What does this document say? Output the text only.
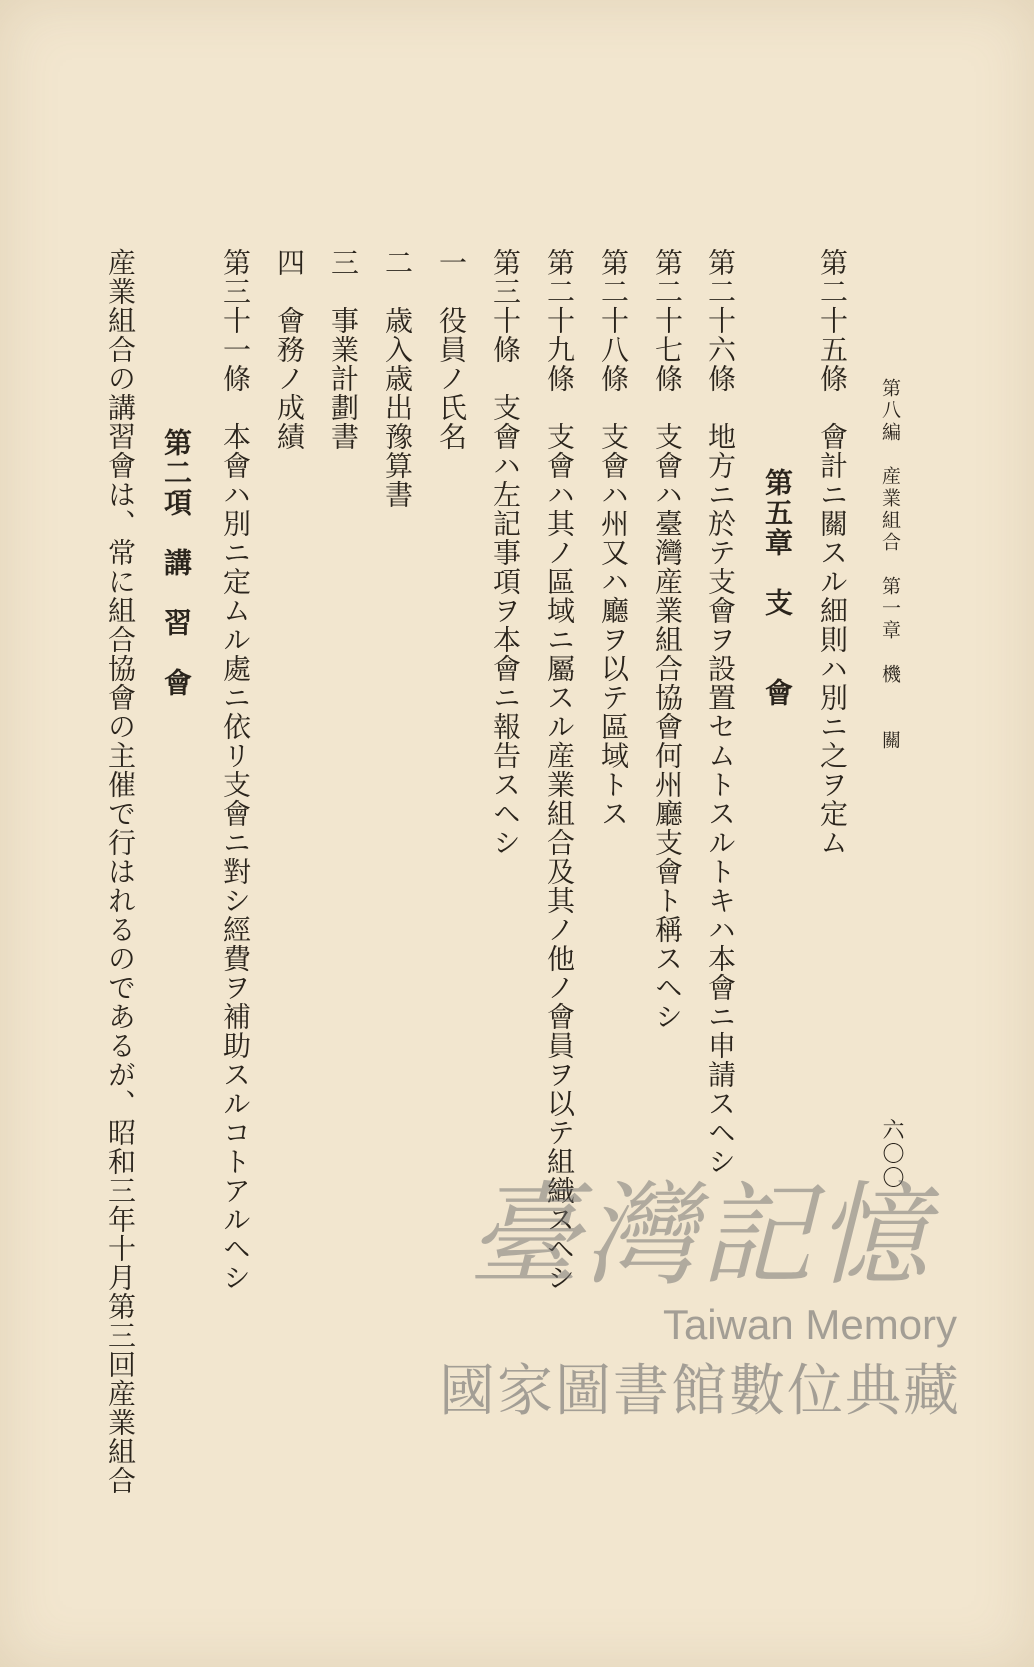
第八編　産業組合　第一章　機　　關
六〇〇
第二十五條　會計ニ關スル細則ハ別ニ之ヲ定ム
第五章　支　　會
第二十六條　地方ニ於テ支會ヲ設置セムトスルトキハ本會ニ申請スヘシ
第二十七條　支會ハ臺灣産業組合協會何州廳支會ト稱スヘシ
第二十八條　支會ハ州又ハ廳ヲ以テ區域トス
第二十九條　支會ハ其ノ區域ニ屬スル産業組合及其ノ他ノ會員ヲ以テ組織スヘシ
第三十條　支會ハ左記事項ヲ本會ニ報告スヘシ
一　役員ノ氏名
二　歳入歳出豫算書
三　事業計劃書
四　會務ノ成績
第三十一條　本會ハ別ニ定ムル處ニ依リ支會ニ對シ經費ヲ補助スルコトアルヘシ
第二項　講　習　會
産業組合の講習會は、常に組合協會の主催で行はれるのであるが、昭和三年十月第三回産業組合	臺灣記憶
Taiwan Memory
國家圖書館數位典藏
